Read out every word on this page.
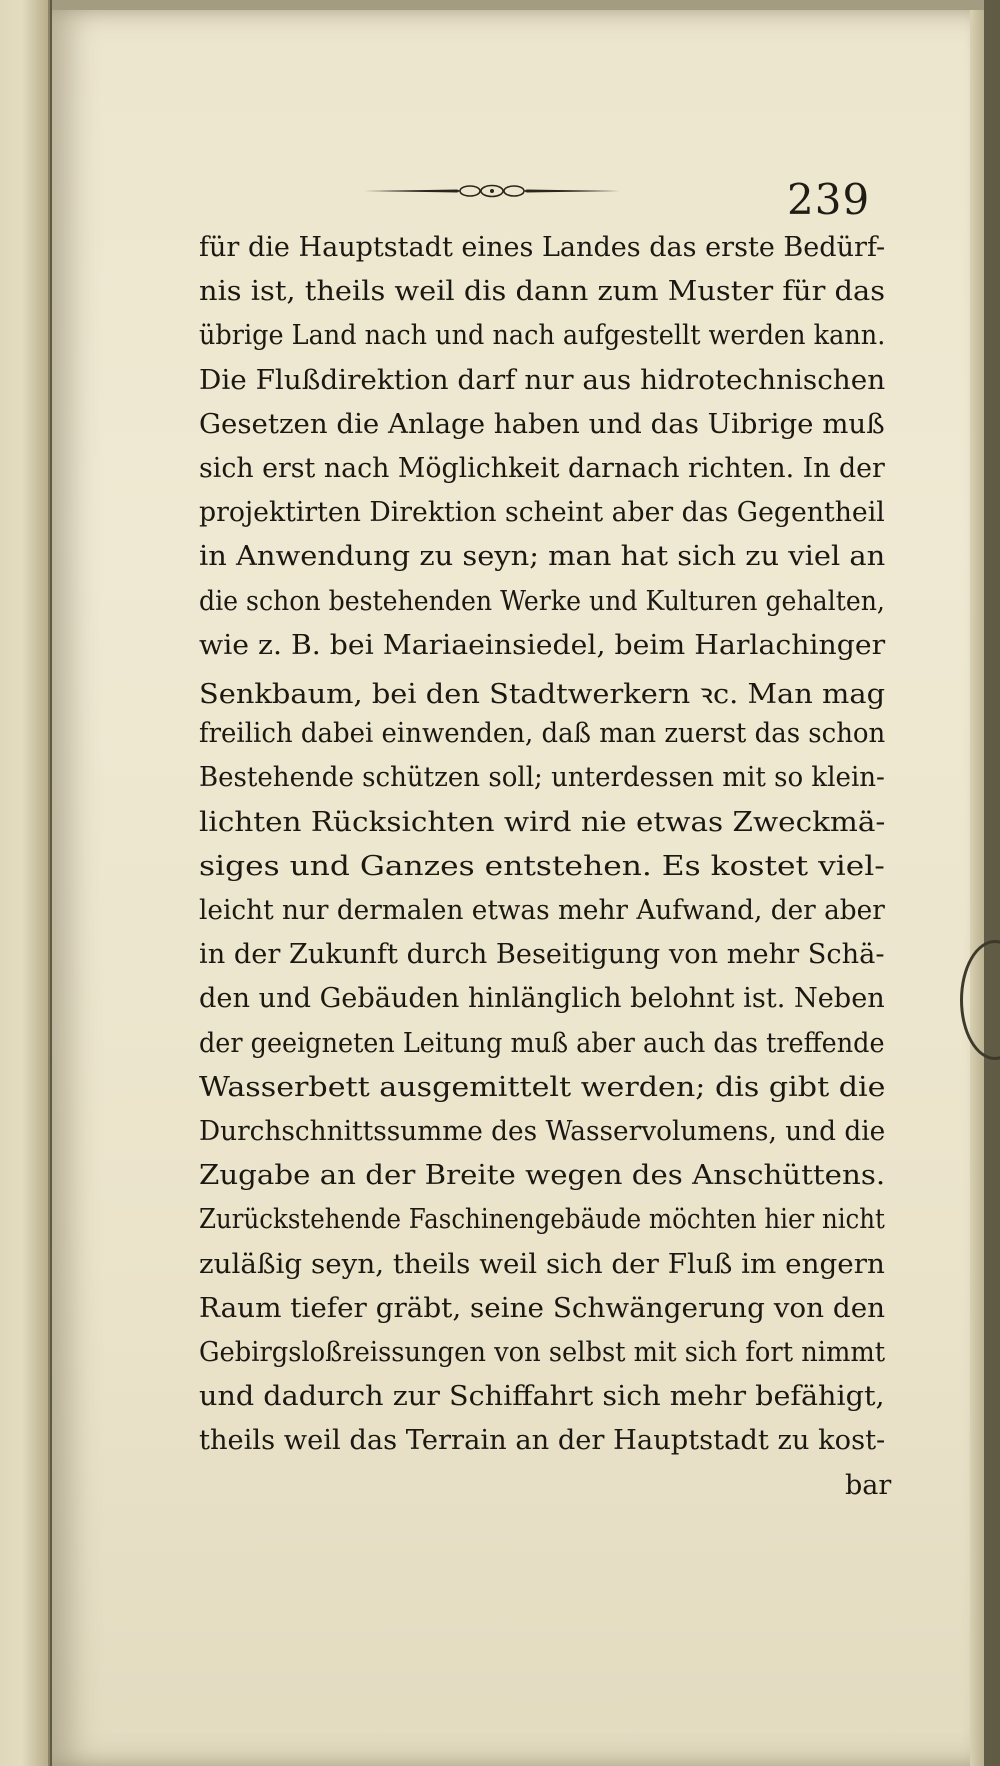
239
für die Hauptstadt eines Landes das erste Bedürf-
nis ist, theils weil dis dann zum Muster für das
übrige Land nach und nach aufgestellt werden kann.
Die Flußdirektion darf nur aus hidrotechnischen
Gesetzen die Anlage haben und das Uibrige muß
sich erst nach Möglichkeit darnach richten. In der
projektirten Direktion scheint aber das Gegentheil
in Anwendung zu seyn; man hat sich zu viel an
die schon bestehenden Werke und Kulturen gehalten,
wie z. B. bei Mariaeinsiedel, beim Harlachinger
Senkbaum, bei den Stadtwerkern ꝛc. Man mag
freilich dabei einwenden, daß man zuerst das schon
Bestehende schützen soll; unterdessen mit so klein-
lichten Rücksichten wird nie etwas Zweckmä-
siges und Ganzes entstehen. Es kostet viel-
leicht nur dermalen etwas mehr Aufwand, der aber
in der Zukunft durch Beseitigung von mehr Schä-
den und Gebäuden hinlänglich belohnt ist. Neben
der geeigneten Leitung muß aber auch das treffende
Wasserbett ausgemittelt werden; dis gibt die
Durchschnittssumme des Wasservolumens, und die
Zugabe an der Breite wegen des Anschüttens.
Zurückstehende Faschinengebäude möchten hier nicht
zuläßig seyn, theils weil sich der Fluß im engern
Raum tiefer gräbt, seine Schwängerung von den
Gebirgsloßreissungen von selbst mit sich fort nimmt
und dadurch zur Schiffahrt sich mehr befähigt,
theils weil das Terrain an der Hauptstadt zu kost-
bar
